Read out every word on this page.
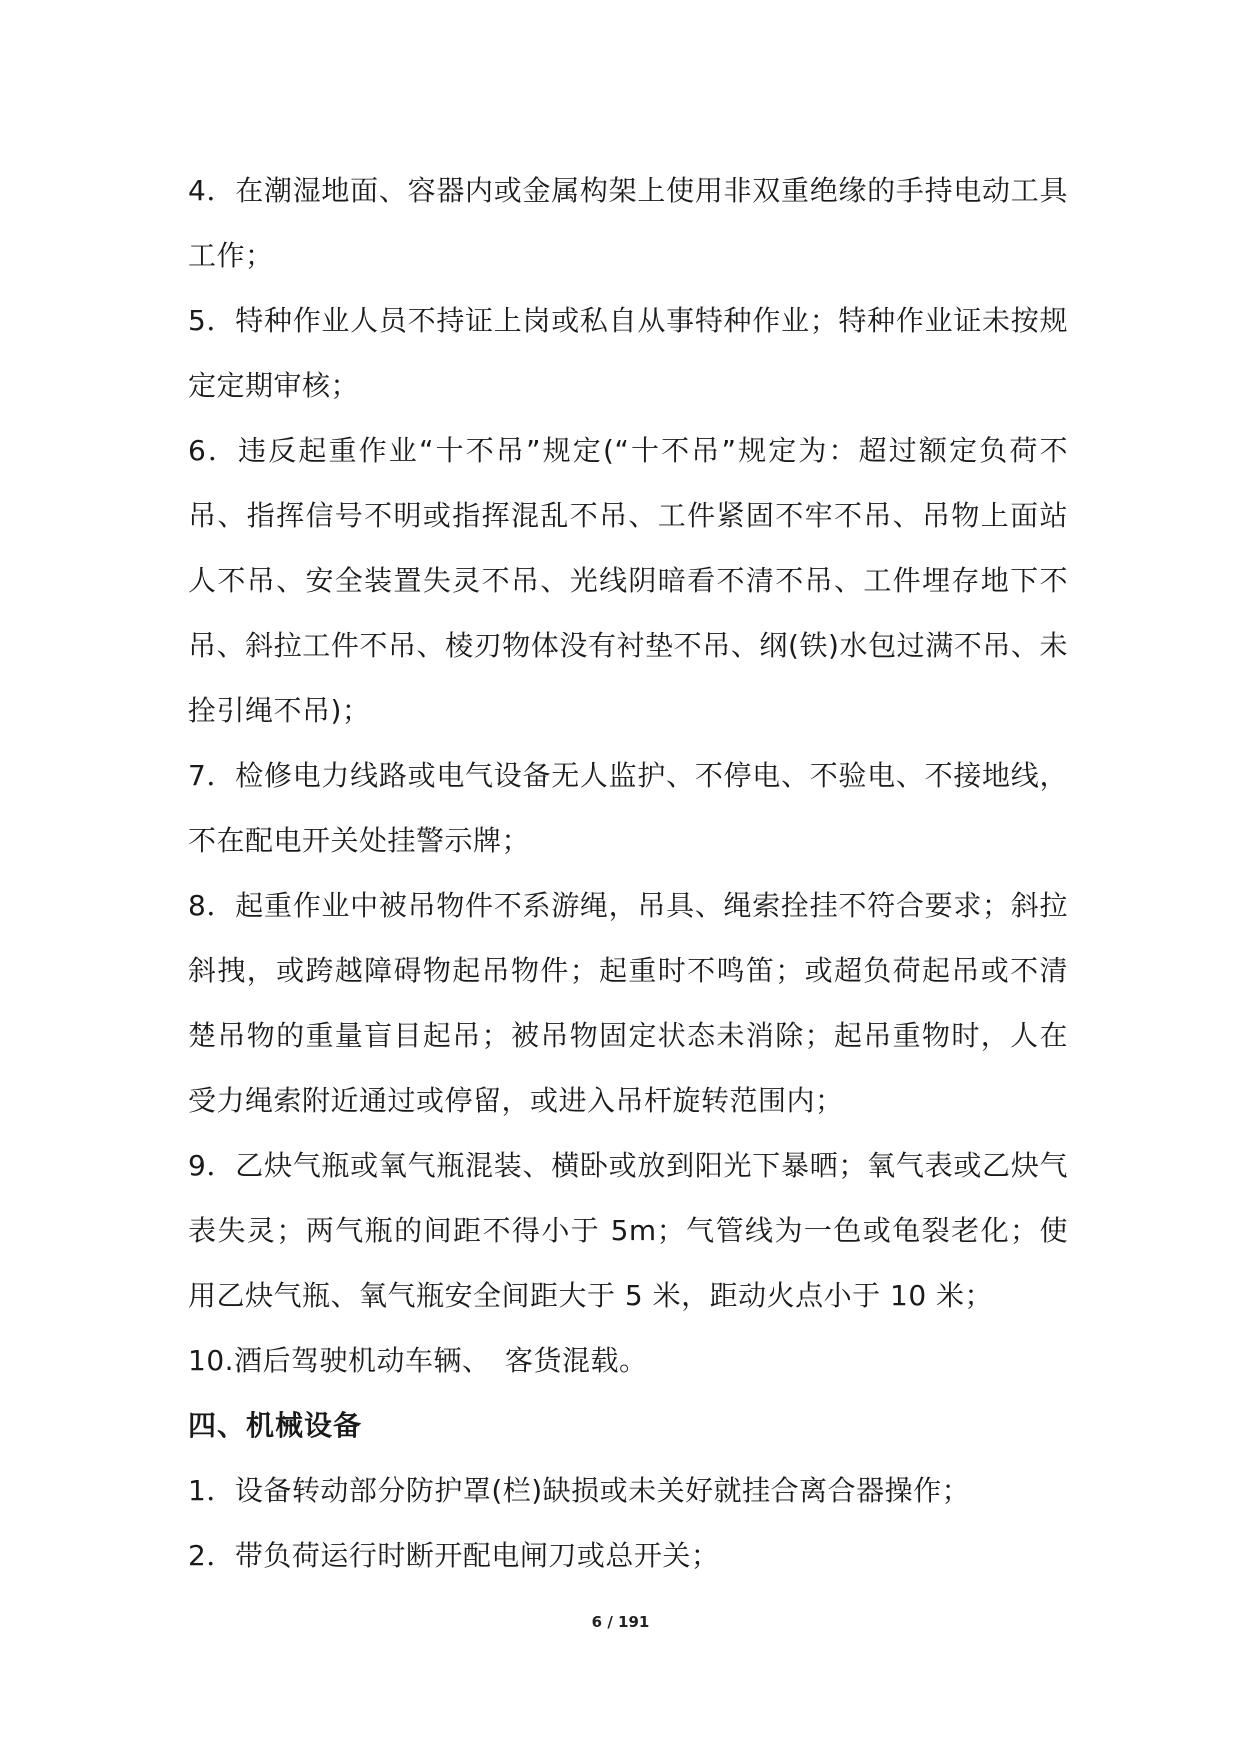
4．在潮湿地面、容器内或金属构架上使用非双重绝缘的手持电动工具工作；

5．特种作业人员不持证上岗或私自从事特种作业；特种作业证未按规定定期审核；

6．违反起重作业“十不吊”规定(“十不吊”规定为：超过额定负荷不吊、指挥信号不明或指挥混乱不吊、工件紧固不牢不吊、吊物上面站人不吊、安全装置失灵不吊、光线阴暗看不清不吊、工件埋存地下不吊、斜拉工件不吊、棱刃物体没有衬垫不吊、纲(铁)水包过满不吊、未拴引绳不吊)；

7．检修电力线路或电气设备无人监护、不停电、不验电、不接地线，不在配电开关处挂警示牌；

8．起重作业中被吊物件不系游绳，吊具、绳索拴挂不符合要求；斜拉斜拽，或跨越障碍物起吊物件；起重时不鸣笛；或超负荷起吊或不清楚吊物的重量盲目起吊；被吊物固定状态未消除；起吊重物时，人在受力绳索附近通过或停留，或进入吊杆旋转范围内；

9．乙炔气瓶或氧气瓶混装、横卧或放到阳光下暴晒；氧气表或乙炔气表失灵；两气瓶的间距不得小于 5m；气管线为一色或龟裂老化；使用乙炔气瓶、氧气瓶安全间距大于 5 米，距动火点小于 10 米；

10.酒后驾驶机动车辆、　客货混载。

四、机械设备

1．设备转动部分防护罩(栏)缺损或未关好就挂合离合器操作；

2．带负荷运行时断开配电闸刀或总开关；

6 / 191
